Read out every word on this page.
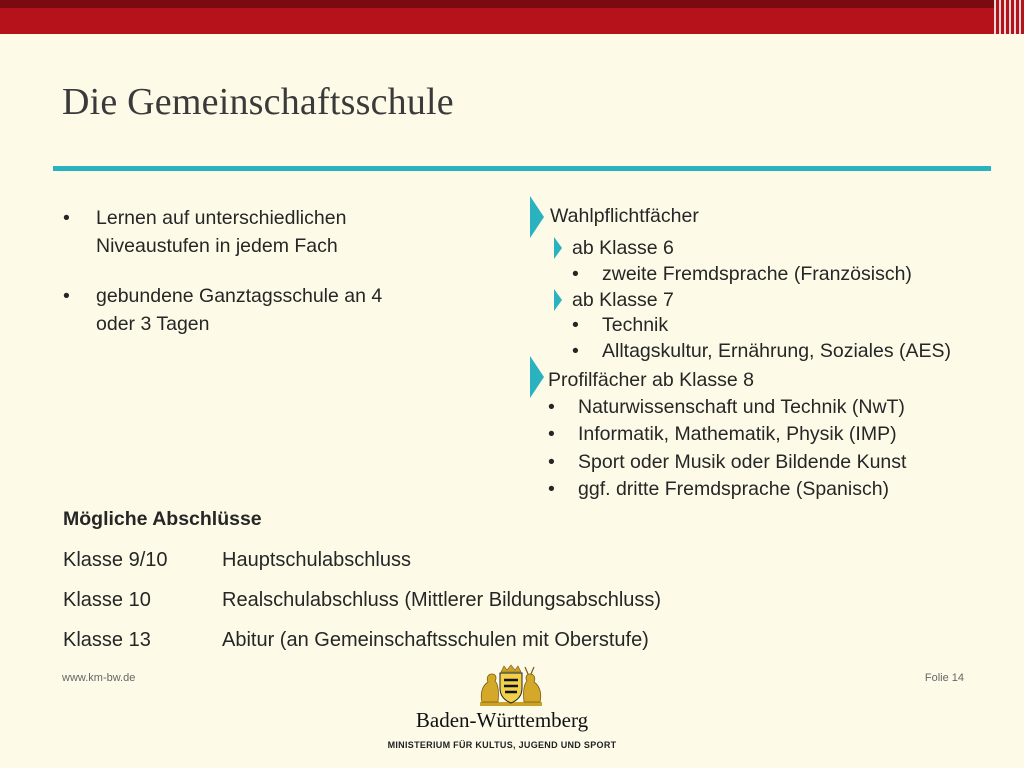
Die Gemeinschaftsschule
• Lernen auf unterschiedlichen
Niveaustufen in jedem Fach
• gebundene Ganztagsschule an 4
oder 3 Tagen
Wahlpflichtfächer
ab Klasse 6
• zweite Fremdsprache (Französisch)
ab Klasse 7
• Technik
• Alltagskultur, Ernährung, Soziales (AES)
Profilfächer ab Klasse 8
• Naturwissenschaft und Technik (NwT)
• Informatik, Mathematik, Physik (IMP)
• Sport oder Musik oder Bildende Kunst
• ggf. dritte Fremdsprache (Spanisch)
Mögliche Abschlüsse
Klasse 9/10	Hauptschulabschluss
Klasse 10	Realschulabschluss (Mittlerer Bildungsabschluss)
Klasse 13	Abitur (an Gemeinschaftsschulen mit Oberstufe)
www.km-bw.de	Folie 14
Baden-Württemberg
MINISTERIUM FÜR KULTUS, JUGEND UND SPORT
